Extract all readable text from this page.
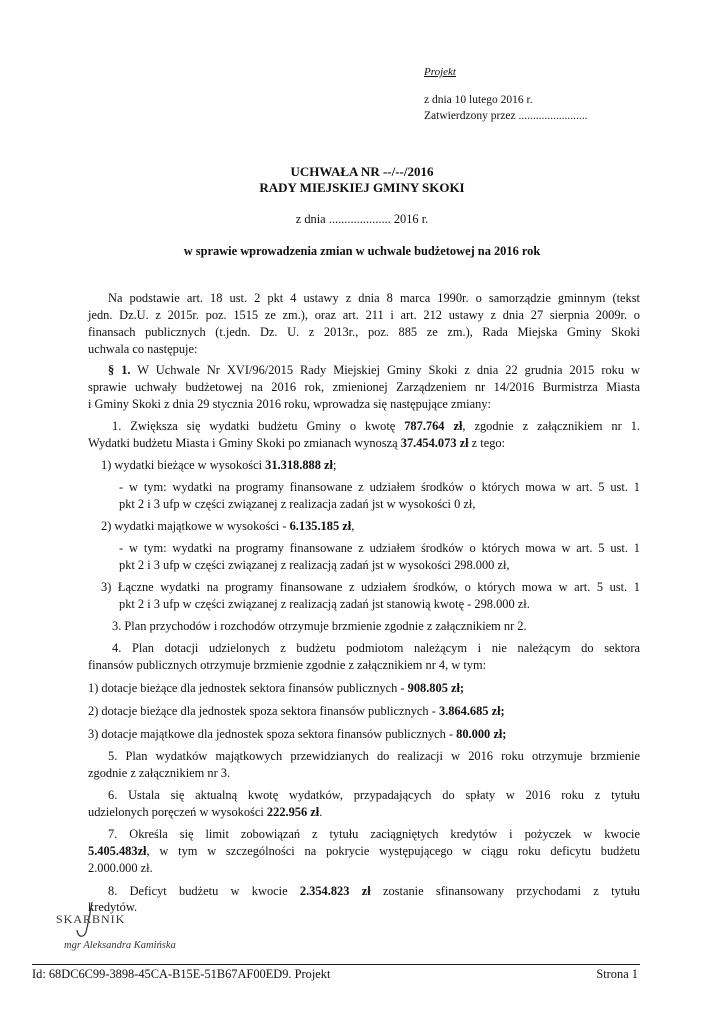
Projekt
z dnia 10 lutego 2016 r.
Zatwierdzony przez ........................
UCHWAŁA NR --/--/2016
RADY MIEJSKIEJ GMINY SKOKI
z dnia .................... 2016 r.
w sprawie wprowadzenia zmian w uchwale budżetowej na 2016 rok
Na podstawie art. 18 ust. 2 pkt 4 ustawy z dnia 8 marca 1990r. o samorządzie gminnym (tekst
jedn. Dz.U. z 2015r. poz. 1515 ze zm.), oraz art. 211 i art. 212 ustawy z dnia 27 sierpnia 2009r. o
finansach publicznych (t.jedn. Dz. U. z 2013r., poz. 885 ze zm.), Rada Miejska Gminy Skoki
uchwala co następuje:
§ 1. W Uchwale Nr XVI/96/2015 Rady Miejskiej Gminy Skoki z dnia 22 grudnia 2015 roku w
sprawie uchwały budżetowej na 2016 rok, zmienionej Zarządzeniem nr 14/2016 Burmistrza Miasta
i Gminy Skoki z dnia 29 stycznia 2016 roku, wprowadza się następujące zmiany:
1. Zwiększa się wydatki budżetu Gminy o kwotę 787.764 zł, zgodnie z załącznikiem nr 1.
Wydatki budżetu Miasta i Gminy Skoki po zmianach wynoszą 37.454.073 zł z tego:
1) wydatki bieżące w wysokości 31.318.888 zł;
- w tym: wydatki na programy finansowane z udziałem środków o których mowa w art. 5 ust. 1
pkt 2 i 3 ufp w części związanej z realizacja zadań jst w wysokości 0 zł,
2) wydatki majątkowe w wysokości - 6.135.185 zł,
- w tym: wydatki na programy finansowane z udziałem środków o których mowa w art. 5 ust. 1
pkt 2 i 3 ufp w części związanej z realizacją zadań jst w wysokości 298.000 zł,
3) Łączne wydatki na programy finansowane z udziałem środków, o których mowa w art. 5 ust. 1
pkt 2 i 3 ufp w części związanej z realizacją zadań jst stanowią kwotę - 298.000 zł.
3. Plan przychodów i rozchodów otrzymuje brzmienie zgodnie z załącznikiem nr 2.
4. Plan dotacji udzielonych z budżetu podmiotom należącym i nie należącym do sektora
finansów publicznych otrzymuje brzmienie zgodnie z załącznikiem nr 4, w tym:
1) dotacje bieżące dla jednostek sektora finansów publicznych - 908.805 zł;
2) dotacje bieżące dla jednostek spoza sektora finansów publicznych - 3.864.685 zł;
3) dotacje majątkowe dla jednostek spoza sektora finansów publicznych - 80.000 zł;
5. Plan wydatków majątkowych przewidzianych do realizacji w 2016 roku otrzymuje brzmienie
zgodnie z załącznikiem nr 3.
6. Ustala się aktualną kwotę wydatków, przypadających do spłaty w 2016 roku z tytułu
udzielonych poręczeń w wysokości 222.956 zł.
7. Określa się limit zobowiązań z tytułu zaciągniętych kredytów i pożyczek w kwocie
5.405.483zł, w tym w szczególności na pokrycie występującego w ciągu roku deficytu budżetu
2.000.000 zł.
8. Deficyt budżetu w kwocie 2.354.823 zł zostanie sfinansowany przychodami z tytułu
kredytów.
SKARBNIK
mgr Aleksandra Kamińska
Id: 68DC6C99-3898-45CA-B15E-51B67AF00ED9. Projekt	Strona 1
